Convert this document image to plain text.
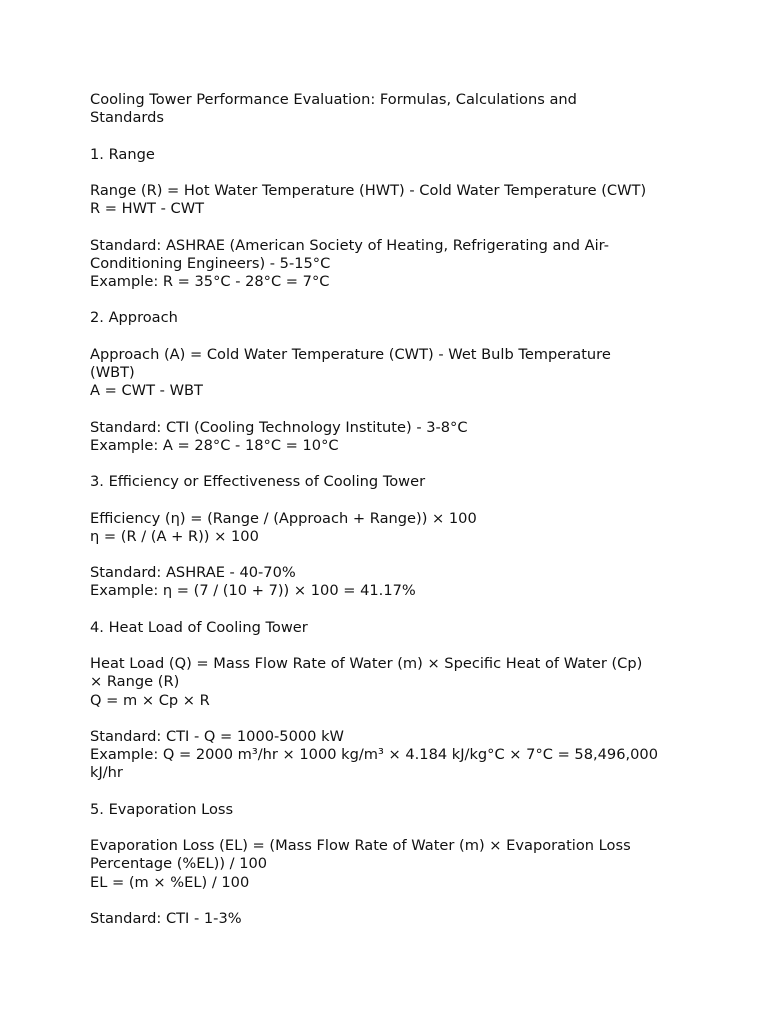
Cooling Tower Performance Evaluation: Formulas, Calculations and
Standards
1. Range
Range (R) = Hot Water Temperature (HWT) - Cold Water Temperature (CWT)
R = HWT - CWT
Standard: ASHRAE (American Society of Heating, Refrigerating and Air-
Conditioning Engineers) - 5-15°C
Example: R = 35°C - 28°C = 7°C
2. Approach
Approach (A) = Cold Water Temperature (CWT) - Wet Bulb Temperature
(WBT)
A = CWT - WBT
Standard: CTI (Cooling Technology Institute) - 3-8°C
Example: A = 28°C - 18°C = 10°C
3. Efficiency or Effectiveness of Cooling Tower
Efficiency (η) = (Range / (Approach + Range)) × 100
η = (R / (A + R)) × 100
Standard: ASHRAE - 40-70%
Example: η = (7 / (10 + 7)) × 100 = 41.17%
4. Heat Load of Cooling Tower
Heat Load (Q) = Mass Flow Rate of Water (m) × Specific Heat of Water (Cp)
× Range (R)
Q = m × Cp × R
Standard: CTI - Q = 1000-5000 kW
Example: Q = 2000 m³/hr × 1000 kg/m³ × 4.184 kJ/kg°C × 7°C = 58,496,000
kJ/hr
5. Evaporation Loss
Evaporation Loss (EL) = (Mass Flow Rate of Water (m) × Evaporation Loss
Percentage (%EL)) / 100
EL = (m × %EL) / 100
Standard: CTI - 1-3%
